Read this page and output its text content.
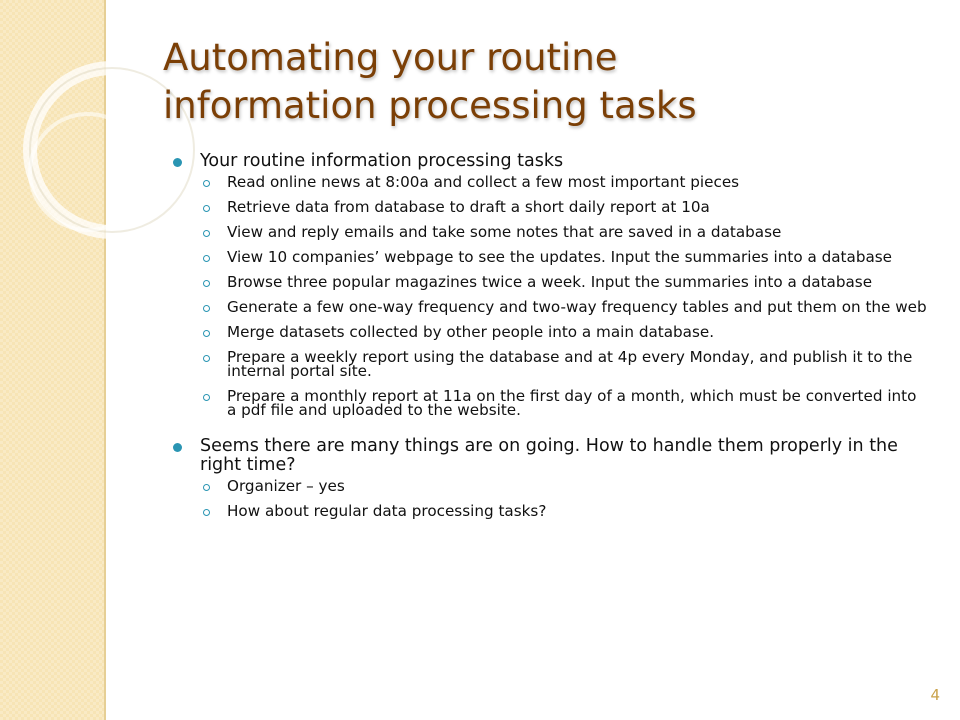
Automating your routine
information processing tasks
Your routine information processing tasks
Read online news at 8:00a and collect a few most important pieces
Retrieve data from database to draft a short daily report at 10a
View and reply emails and take some notes that are saved in a database
View 10 companies’ webpage to see the updates. Input the summaries into a database
Browse three popular magazines twice a week. Input the summaries into a database
Generate a few one-way frequency and two-way frequency tables and put them on the web
Merge datasets collected by other people into a main database.
Prepare a weekly report using the database and at 4p every Monday, and publish it to the internal portal site.
Prepare a monthly report at 11a on the first day of a month, which must be converted into a pdf file and uploaded to the website.
Seems there are many things are on going. How to handle them properly in the right time?
Organizer – yes
How about regular data processing tasks?
4
